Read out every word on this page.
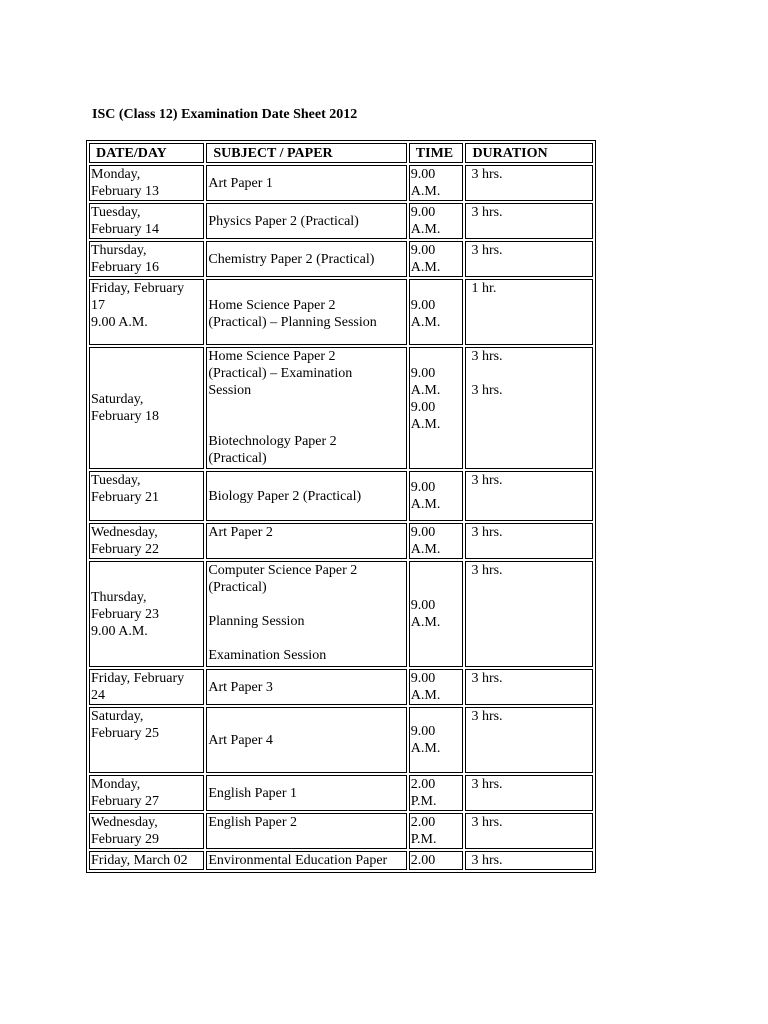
ISC (Class 12) Examination Date Sheet 2012
DATE/DAY	SUBJECT / PAPER	TIME	DURATION

Monday,
February 13	Art Paper 1	9.00
A.M.	3 hrs.

Tuesday,
February 14	Physics Paper 2 (Practical)	9.00
A.M.	3 hrs.

Thursday,
February 16	Chemistry Paper 2 (Practical)	9.00
A.M.	3 hrs.

Friday, February
17
9.00 A.M.	Home Science Paper 2
(Practical) – Planning Session	9.00
A.M.	1 hr.

Saturday,
February 18	Home Science Paper 2
(Practical) – Examination
Session
Biotechnology Paper 2
(Practical)	9.00
A.M.
9.00
A.M.	3 hrs.
3 hrs.

Tuesday,
February 21	Biology Paper 2 (Practical)	9.00
A.M.	3 hrs.

Wednesday,
February 22	Art Paper 2	9.00
A.M.	3 hrs.

Thursday,
February 23
9.00 A.M.	Computer Science Paper 2
(Practical)
Planning Session
Examination Session	9.00
A.M.	3 hrs.

Friday, February
24	Art Paper 3	9.00
A.M.	3 hrs.

Saturday,
February 25	Art Paper 4	9.00
A.M.	3 hrs.

Monday,
February 27	English Paper 1	2.00
P.M.	3 hrs.

Wednesday,
February 29	English Paper 2	2.00
P.M.	3 hrs.

Friday, March 02	Environmental Education Paper	2.00	3 hrs.
